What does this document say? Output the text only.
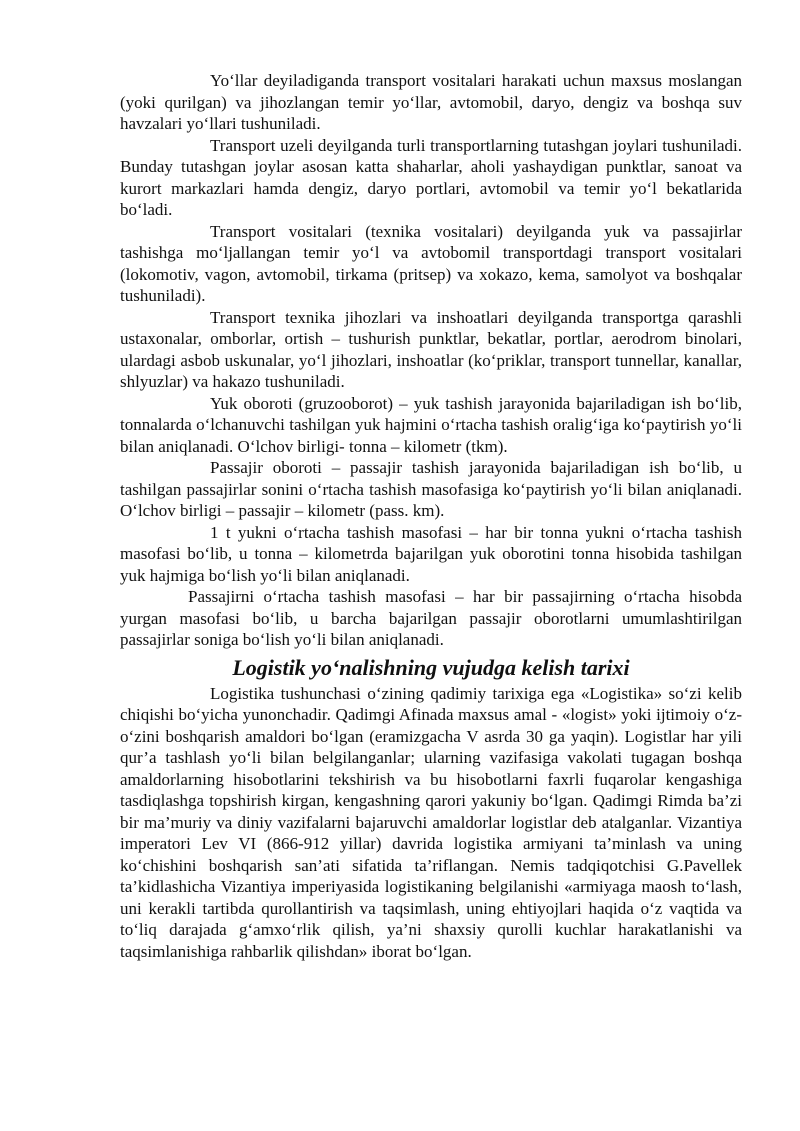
Yo‘llar deyiladiganda transport vositalari harakati uchun maxsus moslangan (yoki qurilgan) va jihozlangan temir yo‘llar, avtomobil, daryo, dengiz va boshqa suv havzalari yo‘llari tushuniladi.

Transport uzeli deyilganda turli transportlarning tutashgan joylari tushuniladi. Bunday tutashgan joylar asosan katta shaharlar, aholi yashaydigan punktlar, sanoat va kurort markazlari hamda dengiz, daryo portlari, avtomobil va temir yo‘l bekatlarida bo‘ladi.

Transport vositalari (texnika vositalari) deyilganda yuk va passajirlar tashishga mo‘ljallangan temir yo‘l va avtobomil transportdagi transport vositalari (lokomotiv, vagon, avtomobil, tirkama (pritsep) va xokazo, kema, samolyot va boshqalar tushuniladi).

Transport texnika jihozlari va inshoatlari deyilganda transportga qarashli ustaxonalar, omborlar, ortish – tushurish punktlar, bekatlar, portlar, aerodrom binolari, ulardagi asbob uskunalar, yo‘l jihozlari, inshoatlar (ko‘priklar, transport tunnellar, kanallar, shlyuzlar) va hakazo tushuniladi.

Yuk oboroti (gruzooborot) – yuk tashish jarayonida bajariladigan ish bo‘lib, tonnalarda o‘lchanuvchi tashilgan yuk hajmini o‘rtacha tashish oralig‘iga ko‘paytirish yo‘li bilan aniqlanadi. O‘lchov birligi- tonna – kilometr (tkm).

Passajir oboroti – passajir tashish jarayonida bajariladigan ish bo‘lib, u tashilgan passajirlar sonini o‘rtacha tashish masofasiga ko‘paytirish yo‘li bilan aniqlanadi. O‘lchov birligi – passajir – kilometr (pass. km).

1 t yukni o‘rtacha tashish masofasi – har bir tonna yukni o‘rtacha tashish masofasi bo‘lib, u tonna – kilometrda bajarilgan yuk oborotini tonna hisobida tashilgan yuk hajmiga bo‘lish yo‘li bilan aniqlanadi.

Passajirni o‘rtacha tashish masofasi – har bir passajirning o‘rtacha hisobda yurgan masofasi bo‘lib, u barcha bajarilgan passajir oborotlarni umumlashtirilgan passajirlar soniga bo‘lish yo‘li bilan aniqlanadi.

Logistik yo‘nalishning vujudga kelish tarixi

Logistika tushunchasi o‘zining qadimiy tarixiga ega «Logistika» so‘zi kelib chiqishi bo‘yicha yunonchadir. Qadimgi Afinada maxsus amal - «logist» yoki ijtimoiy o‘z-o‘zini boshqarish amaldori bo‘lgan (eramizgacha V asrda 30 ga yaqin). Logistlar har yili qur’a tashlash yo‘li bilan belgilanganlar; ularning vazifasiga vakolati tugagan boshqa amaldorlarning hisobotlarini tekshirish va bu hisobotlarni faxrli fuqarolar kengashiga tasdiqlashga topshirish kirgan, kengashning qarori yakuniy bo‘lgan. Qadimgi Rimda ba’zi bir ma’muriy va diniy vazifalarni bajaruvchi amaldorlar logistlar deb atalganlar. Vizantiya imperatori Lev VI (866-912 yillar) davrida logistika armiyani ta’minlash va uning ko‘chishini boshqarish san’ati sifatida ta’riflangan. Nemis tadqiqotchisi G.Pavellek ta’kidlashicha Vizantiya imperiyasida logistikaning belgilanishi «armiyaga maosh to‘lash, uni kerakli tartibda qurollantirish va taqsimlash, uning ehtiyojlari haqida o‘z vaqtida va to‘liq darajada g‘amxo‘rlik qilish, ya’ni shaxsiy qurolli kuchlar harakatlanishi va taqsimlanishiga rahbarlik qilishdan» iborat bo‘lgan.
